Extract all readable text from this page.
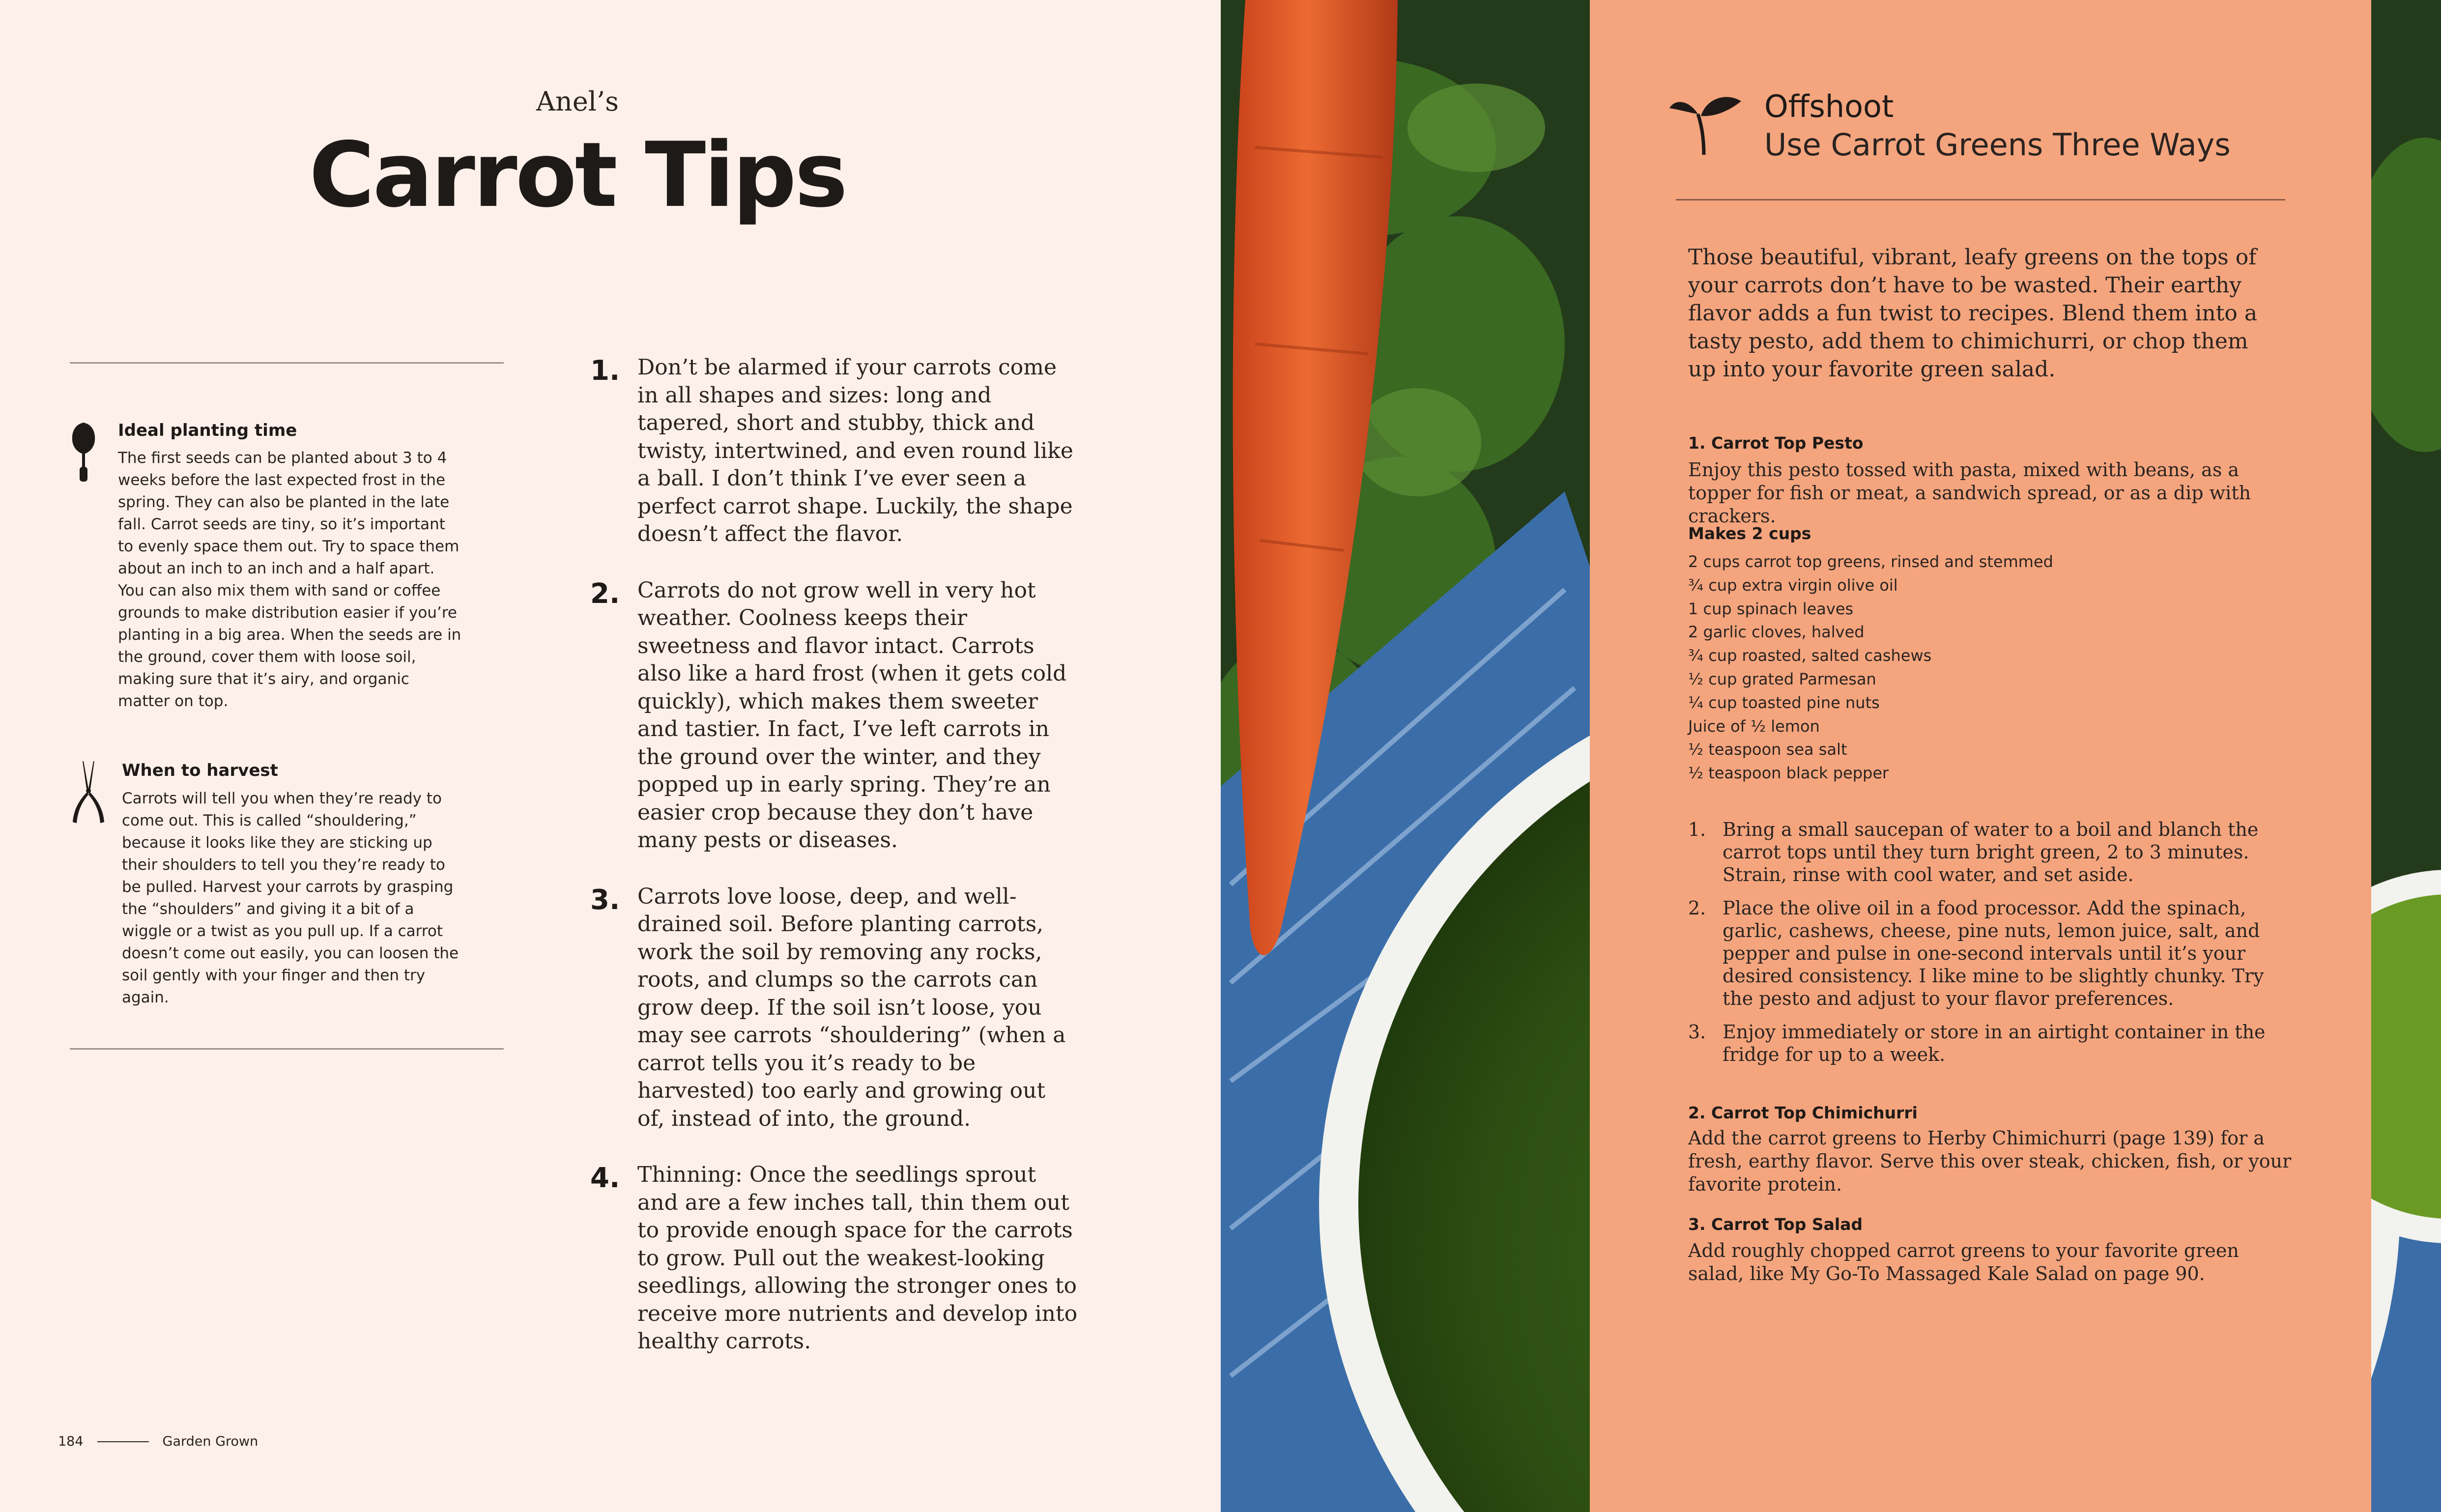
Anel’s
Carrot Tips
Ideal planting time
The first seeds can be planted about 3 to 4 weeks before the last expected frost in the spring. They can also be planted in the late fall. Carrot seeds are tiny, so it’s important to evenly space them out. Try to space them about an inch to an inch and a half apart. You can also mix them with sand or coffee grounds to make distribution easier if you’re planting in a big area. When the seeds are in the ground, cover them with loose soil, making sure that it’s airy, and organic matter on top.
When to harvest
Carrots will tell you when they’re ready to come out. This is called “shouldering,” because it looks like they are sticking up their shoulders to tell you they’re ready to be pulled. Harvest your carrots by grasping the “shoulders” and giving it a bit of a wiggle or a twist as you pull up. If a carrot doesn’t come out easily, you can loosen the soil gently with your finger and then try again.
1. Don’t be alarmed if your carrots come in all shapes and sizes: long and tapered, short and stubby, thick and twisty, intertwined, and even round like a ball. I don’t think I’ve ever seen a perfect carrot shape. Luckily, the shape doesn’t affect the flavor.
2. Carrots do not grow well in very hot weather. Coolness keeps their sweetness and flavor intact. Carrots also like a hard frost (when it gets cold quickly), which makes them sweeter and tastier. In fact, I’ve left carrots in the ground over the winter, and they popped up in early spring. They’re an easier crop because they don’t have many pests or diseases.
3. Carrots love loose, deep, and well-drained soil. Before planting carrots, work the soil by removing any rocks, roots, and clumps so the carrots can grow deep. If the soil isn’t loose, you may see carrots “shouldering” (when a carrot tells you it’s ready to be harvested) too early and growing out of, instead of into, the ground.
4. Thinning: Once the seedlings sprout and are a few inches tall, thin them out to provide enough space for the carrots to grow. Pull out the weakest-looking seedlings, allowing the stronger ones to receive more nutrients and develop into healthy carrots.
184	Garden Grown
Offshoot
Use Carrot Greens Three Ways
Those beautiful, vibrant, leafy greens on the tops of your carrots don’t have to be wasted. Their earthy flavor adds a fun twist to recipes. Blend them into a tasty pesto, add them to chimichurri, or chop them up into your favorite green salad.
1. Carrot Top Pesto
Enjoy this pesto tossed with pasta, mixed with beans, as a topper for fish or meat, a sandwich spread, or as a dip with crackers.
Makes 2 cups
2 cups carrot top greens, rinsed and stemmed
¾ cup extra virgin olive oil
1 cup spinach leaves
2 garlic cloves, halved
¾ cup roasted, salted cashews
½ cup grated Parmesan
¼ cup toasted pine nuts
Juice of ½ lemon
½ teaspoon sea salt
½ teaspoon black pepper
1. Bring a small saucepan of water to a boil and blanch the carrot tops until they turn bright green, 2 to 3 minutes. Strain, rinse with cool water, and set aside.
2. Place the olive oil in a food processor. Add the spinach, garlic, cashews, cheese, pine nuts, lemon juice, salt, and pepper and pulse in one-second intervals until it’s your desired consistency. I like mine to be slightly chunky. Try the pesto and adjust to your flavor preferences.
3. Enjoy immediately or store in an airtight container in the fridge for up to a week.
2. Carrot Top Chimichurri
Add the carrot greens to Herby Chimichurri (page 139) for a fresh, earthy flavor. Serve this over steak, chicken, fish, or your favorite protein.
3. Carrot Top Salad
Add roughly chopped carrot greens to your favorite green salad, like My Go-To Massaged Kale Salad on page 90.
